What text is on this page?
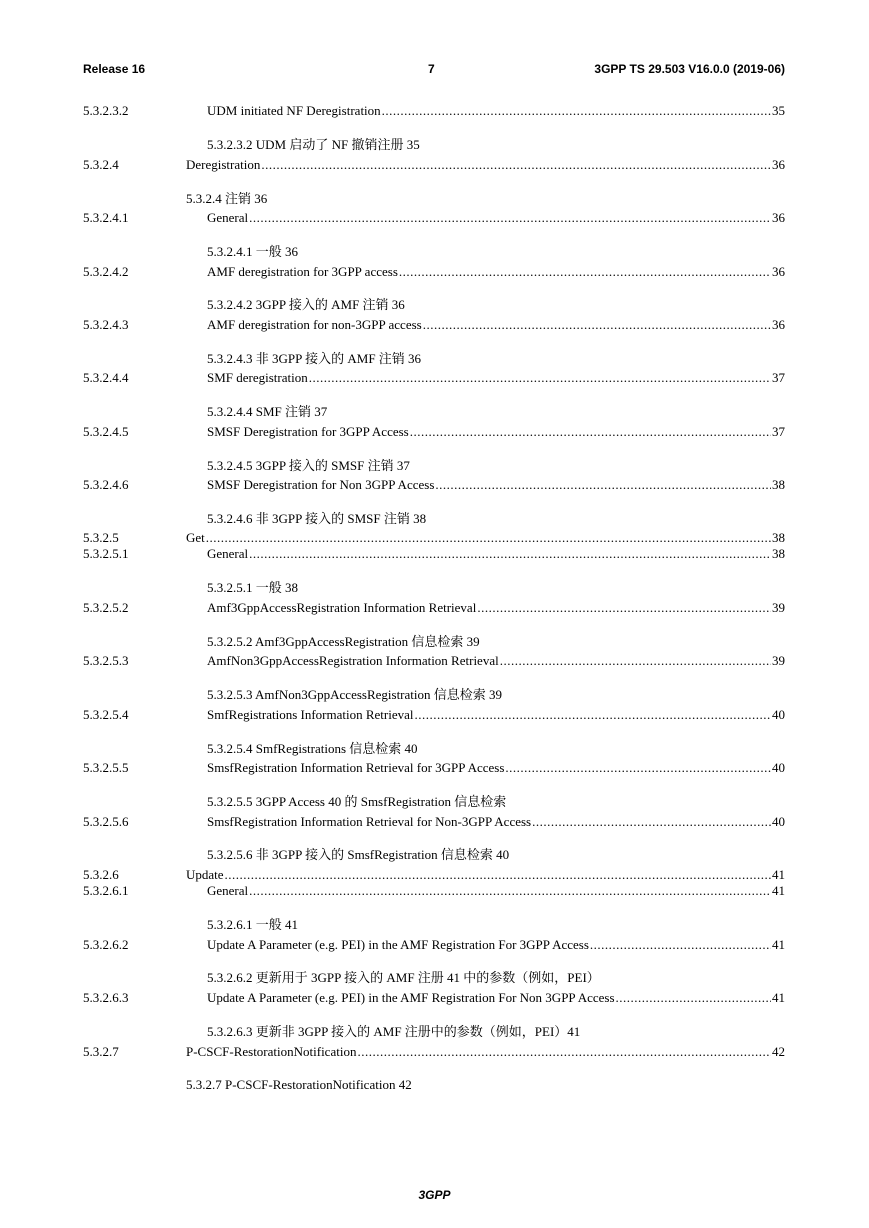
Release 16	7	3GPP TS 29.503 V16.0.0 (2019-06)
5.3.2.3.2	UDM initiated NF Deregistration .....	35
5.3.2.3.2 UDM 启动了 NF 撤销注册 35
5.3.2.4	Deregistration .....	36
5.3.2.4 注销 36
5.3.2.4.1	General .....	36
5.3.2.4.1 一般 36
5.3.2.4.2	AMF deregistration for 3GPP access .....	36
5.3.2.4.2 3GPP 接入的 AMF 注销 36
5.3.2.4.3	AMF deregistration for non-3GPP access .....	36
5.3.2.4.3 非 3GPP 接入的 AMF 注销 36
5.3.2.4.4	SMF deregistration .....	37
5.3.2.4.4 SMF 注销 37
5.3.2.4.5	SMSF Deregistration for 3GPP Access .....	37
5.3.2.4.5 3GPP 接入的 SMSF 注销 37
5.3.2.4.6	SMSF Deregistration for Non 3GPP Access .....	38
5.3.2.4.6 非 3GPP 接入的 SMSF 注销 38
5.3.2.5	Get .....	38
5.3.2.5.1	General .....	38
5.3.2.5.1 一般 38
5.3.2.5.2	Amf3GppAccessRegistration Information Retrieval .....	39
5.3.2.5.2 Amf3GppAccessRegistration 信息检索 39
5.3.2.5.3	AmfNon3GppAccessRegistration Information Retrieval .....	39
5.3.2.5.3 AmfNon3GppAccessRegistration 信息检索 39
5.3.2.5.4	SmfRegistrations Information Retrieval .....	40
5.3.2.5.4 SmfRegistrations 信息检索 40
5.3.2.5.5	SmsfRegistration Information Retrieval for 3GPP Access .....	40
5.3.2.5.5 3GPP Access 40 的 SmsfRegistration 信息检索
5.3.2.5.6	SmsfRegistration Information Retrieval for Non-3GPP Access .....	40
5.3.2.5.6 非 3GPP 接入的 SmsfRegistration 信息检索 40
5.3.2.6	Update .....	41
5.3.2.6.1	General .....	41
5.3.2.6.1 一般 41
5.3.2.6.2	Update A Parameter (e.g. PEI) in the AMF Registration For 3GPP Access .....	41
5.3.2.6.2 更新用于 3GPP 接入的 AMF 注册 41 中的参数（例如，PEI）
5.3.2.6.3	Update A Parameter (e.g. PEI) in the AMF Registration For Non 3GPP Access .....	41
5.3.2.6.3 更新非 3GPP 接入的 AMF 注册中的参数（例如，PEI）41
5.3.2.7	P-CSCF-RestorationNotification .....	42
5.3.2.7 P-CSCF-RestorationNotification 42
3GPP
